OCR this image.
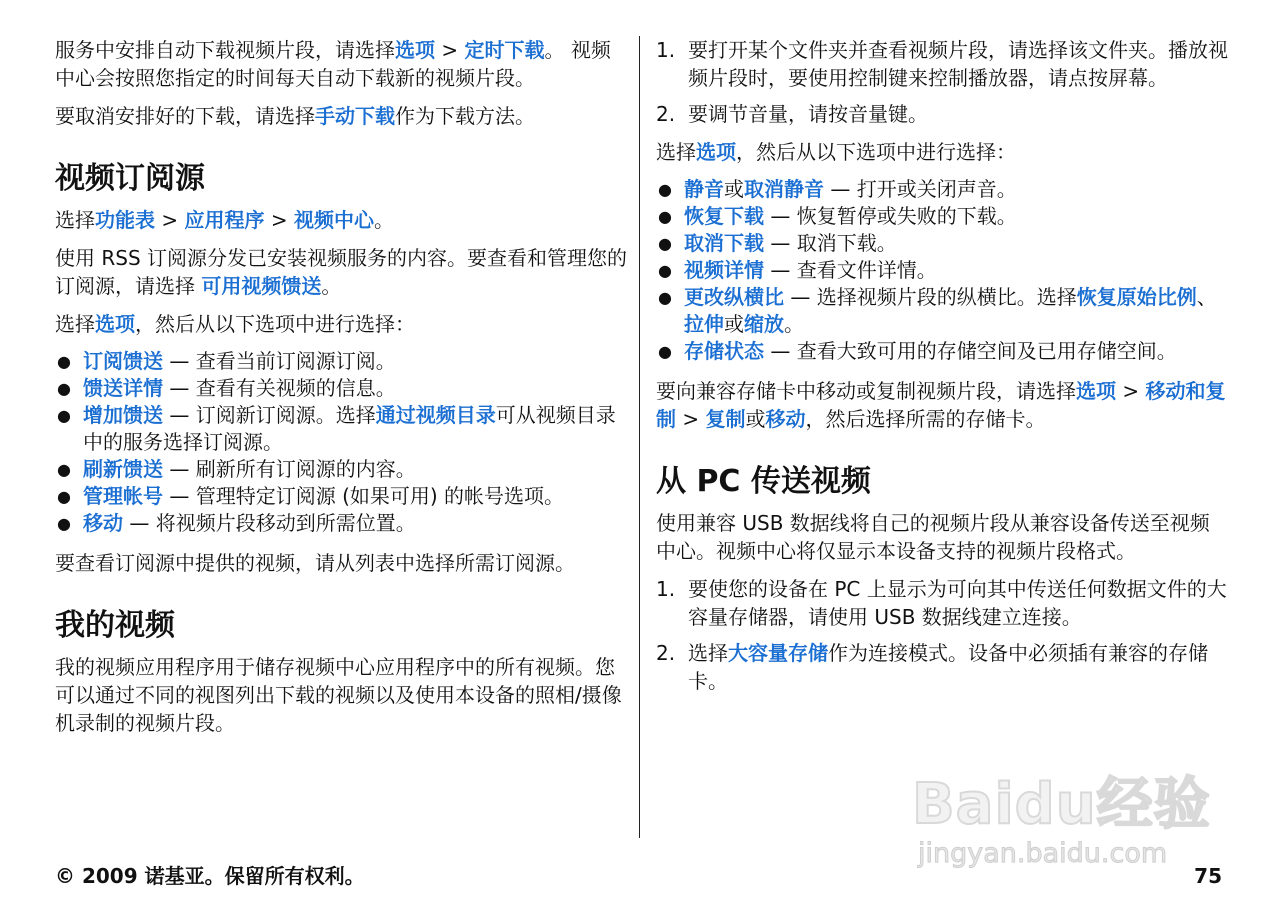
服务中安排自动下载视频片段，请选择选项 > 定时下载。 视频中心会按照您指定的时间每天自动下载新的视频片段。

要取消安排好的下载，请选择手动下载作为下载方法。

视频订阅源

选择功能表 > 应用程序 > 视频中心。

使用 RSS 订阅源分发已安装视频服务的内容。要查看和管理您的订阅源，请选择 可用视频馈送。

选择选项，然后从以下选项中进行选择：

● 订阅馈送 — 查看当前订阅源订阅。
● 馈送详情 — 查看有关视频的信息。
● 增加馈送 — 订阅新订阅源。选择通过视频目录可从视频目录中的服务选择订阅源。
● 刷新馈送 — 刷新所有订阅源的内容。
● 管理帐号 — 管理特定订阅源 (如果可用) 的帐号选项。
● 移动 — 将视频片段移动到所需位置。

要查看订阅源中提供的视频，请从列表中选择所需订阅源。

我的视频

我的视频应用程序用于储存视频中心应用程序中的所有视频。您可以通过不同的视图列出下载的视频以及使用本设备的照相/摄像机录制的视频片段。

1. 要打开某个文件夹并查看视频片段，请选择该文件夹。播放视频片段时，要使用控制键来控制播放器，请点按屏幕。
2. 要调节音量，请按音量键。

选择选项，然后从以下选项中进行选择：

● 静音或取消静音 — 打开或关闭声音。
● 恢复下载 — 恢复暂停或失败的下载。
● 取消下载 — 取消下载。
● 视频详情 — 查看文件详情。
● 更改纵横比 — 选择视频片段的纵横比。选择恢复原始比例、拉伸或缩放。
● 存储状态 — 查看大致可用的存储空间及已用存储空间。

要向兼容存储卡中移动或复制视频片段，请选择选项 > 移动和复制 > 复制或移动，然后选择所需的存储卡。

从 PC 传送视频

使用兼容 USB 数据线将自己的视频片段从兼容设备传送至视频中心。视频中心将仅显示本设备支持的视频片段格式。

1. 要使您的设备在 PC 上显示为可向其中传送任何数据文件的大容量存储器，请使用 USB 数据线建立连接。
2. 选择大容量存储作为连接模式。设备中必须插有兼容的存储卡。
Baidu经验
jingyan.baidu.com
© 2009 诺基亚。保留所有权利。	75
